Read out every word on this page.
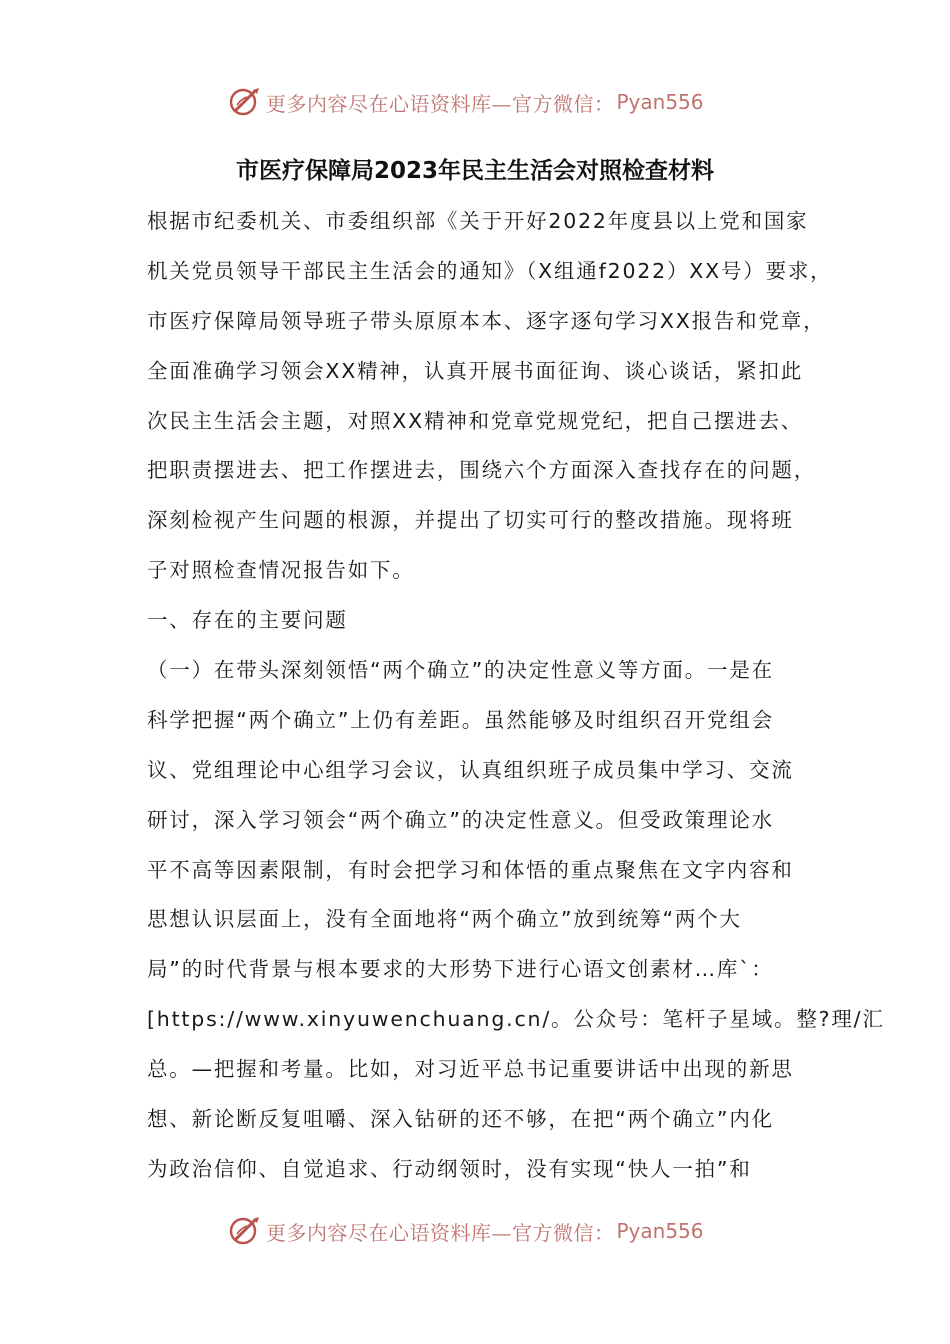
更多内容尽在心语资料库—官方微信： Pyan556
市医疗保障局2023年民主生活会对照检查材料
根据市纪委机关、市委组织部《关于开好2022年度县以上党和国家
机关党员领导干部民主生活会的通知》（X组通f2022）XX号）要求，
市医疗保障局领导班子带头原原本本、逐字逐句学习XX报告和党章，
全面准确学习领会XX精神，认真开展书面征询、谈心谈话，紧扣此
次民主生活会主题，对照XX精神和党章党规党纪，把自己摆进去、
把职责摆进去、把工作摆进去，围绕六个方面深入查找存在的问题，
深刻检视产生问题的根源，并提出了切实可行的整改措施。现将班
子对照检查情况报告如下。
一、存在的主要问题
（一）在带头深刻领悟“两个确立”的决定性意义等方面。一是在
科学把握“两个确立”上仍有差距。虽然能够及时组织召开党组会
议、党组理论中心组学习会议，认真组织班子成员集中学习、交流
研讨，深入学习领会“两个确立”的决定性意义。但受政策理论水
平不高等因素限制，有时会把学习和体悟的重点聚焦在文字内容和
思想认识层面上，没有全面地将“两个确立”放到统筹“两个大
局”的时代背景与根本要求的大形势下进行心语文创素材…库`：
[https://www.xinyuwenchuang.cn/。公众号：笔杆子星域。整?理/汇
总。—把握和考量。比如，对习近平总书记重要讲话中出现的新思
想、新论断反复咀嚼、深入钻研的还不够，在把“两个确立”内化
为政治信仰、自觉追求、行动纲领时，没有实现“快人一拍”和
更多内容尽在心语资料库—官方微信： Pyan556
